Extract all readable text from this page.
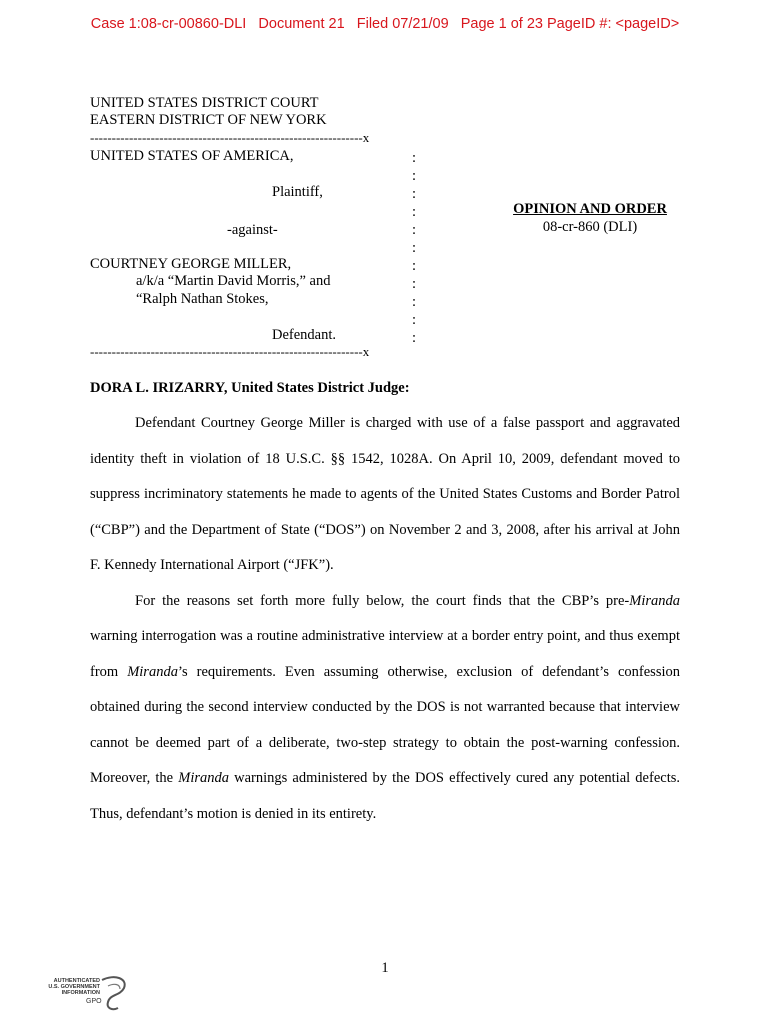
Case 1:08-cr-00860-DLI   Document 21   Filed 07/21/09   Page 1 of 23 PageID #: <pageID>
UNITED STATES DISTRICT COURT
EASTERN DISTRICT OF NEW YORK
---------------------------------------------------------------x
UNITED STATES OF AMERICA,
Plaintiff,
-against-
COURTNEY GEORGE MILLER,
a/k/a “Martin David Morris,” and
“Ralph Nathan Stokes,
Defendant.
---------------------------------------------------------------x
:
:
:
:
:
:
:
:
:
:
:
OPINION AND ORDER
08-cr-860 (DLI)
DORA L. IRIZARRY, United States District Judge:

Defendant Courtney George Miller is charged with use of a false passport and aggravated identity theft in violation of 18 U.S.C. §§ 1542, 1028A. On April 10, 2009, defendant moved to suppress incriminatory statements he made to agents of the United States Customs and Border Patrol (“CBP”) and the Department of State (“DOS”) on November 2 and 3, 2008, after his arrival at John F. Kennedy International Airport (“JFK”).

For the reasons set forth more fully below, the court finds that the CBP’s pre-Miranda warning interrogation was a routine administrative interview at a border entry point, and thus exempt from Miranda’s requirements. Even assuming otherwise, exclusion of defendant’s confession obtained during the second interview conducted by the DOS is not warranted because that interview cannot be deemed part of a deliberate, two-step strategy to obtain the post-warning confession. Moreover, the Miranda warnings administered by the DOS effectively cured any potential defects. Thus, defendant’s motion is denied in its entirety.

1
AUTHENTICATED
U.S. GOVERNMENT
INFORMATION
GPO
